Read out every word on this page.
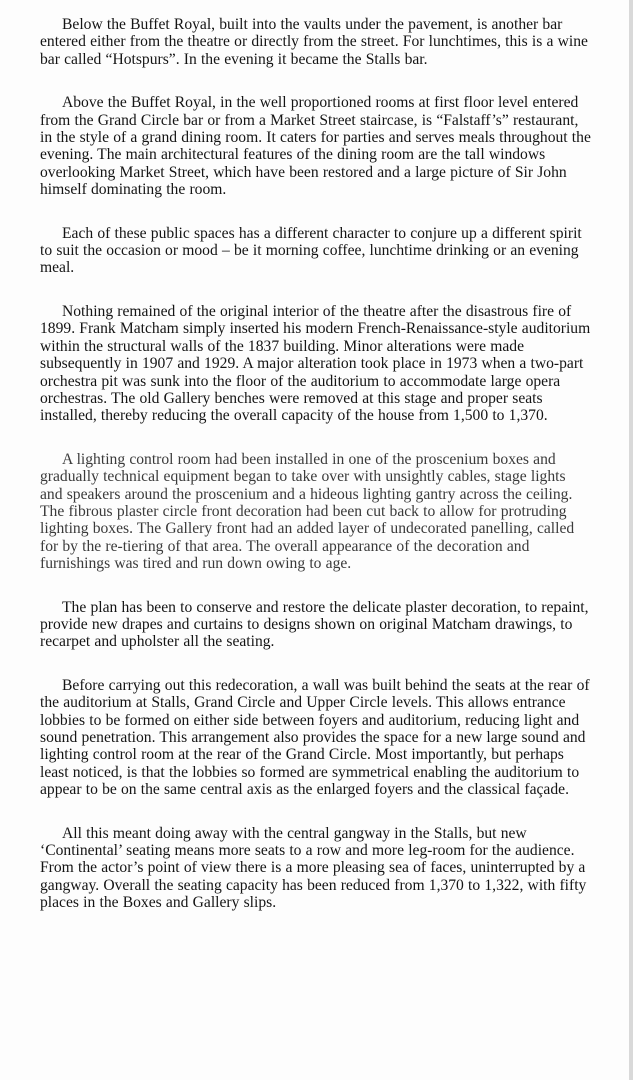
Below the Buffet Royal, built into the vaults under the pavement, is another bar entered either from the theatre or directly from the street. For lunchtimes, this is a wine bar called “Hotspurs”. In the evening it became the Stalls bar.

Above the Buffet Royal, in the well proportioned rooms at first floor level entered from the Grand Circle bar or from a Market Street staircase, is “Falstaff’s” restaurant, in the style of a grand dining room. It caters for parties and serves meals throughout the evening. The main architectural features of the dining room are the tall windows overlooking Market Street, which have been restored and a large picture of Sir John himself dominating the room.

Each of these public spaces has a different character to conjure up a different spirit to suit the occasion or mood – be it morning coffee, lunchtime drinking or an evening meal.

Nothing remained of the original interior of the theatre after the disastrous fire of 1899. Frank Matcham simply inserted his modern French-Renaissance-style auditorium within the structural walls of the 1837 building. Minor alterations were made subsequently in 1907 and 1929. A major alteration took place in 1973 when a two-part orchestra pit was sunk into the floor of the auditorium to accommodate large opera orchestras. The old Gallery benches were removed at this stage and proper seats installed, thereby reducing the overall capacity of the house from 1,500 to 1,370.

A lighting control room had been installed in one of the proscenium boxes and gradually technical equipment began to take over with unsightly cables, stage lights and speakers around the proscenium and a hideous lighting gantry across the ceiling. The fibrous plaster circle front decoration had been cut back to allow for protruding lighting boxes. The Gallery front had an added layer of undecorated panelling, called for by the re-tiering of that area. The overall appearance of the decoration and furnishings was tired and run down owing to age.

The plan has been to conserve and restore the delicate plaster decoration, to repaint, provide new drapes and curtains to designs shown on original Matcham drawings, to recarpet and upholster all the seating.

Before carrying out this redecoration, a wall was built behind the seats at the rear of the auditorium at Stalls, Grand Circle and Upper Circle levels. This allows entrance lobbies to be formed on either side between foyers and auditorium, reducing light and sound penetration. This arrangement also provides the space for a new large sound and lighting control room at the rear of the Grand Circle. Most importantly, but perhaps least noticed, is that the lobbies so formed are symmetrical enabling the auditorium to appear to be on the same central axis as the enlarged foyers and the classical façade.

All this meant doing away with the central gangway in the Stalls, but new ‘Continental’ seating means more seats to a row and more leg-room for the audience. From the actor’s point of view there is a more pleasing sea of faces, uninterrupted by a gangway. Overall the seating capacity has been reduced from 1,370 to 1,322, with fifty places in the Boxes and Gallery slips.
